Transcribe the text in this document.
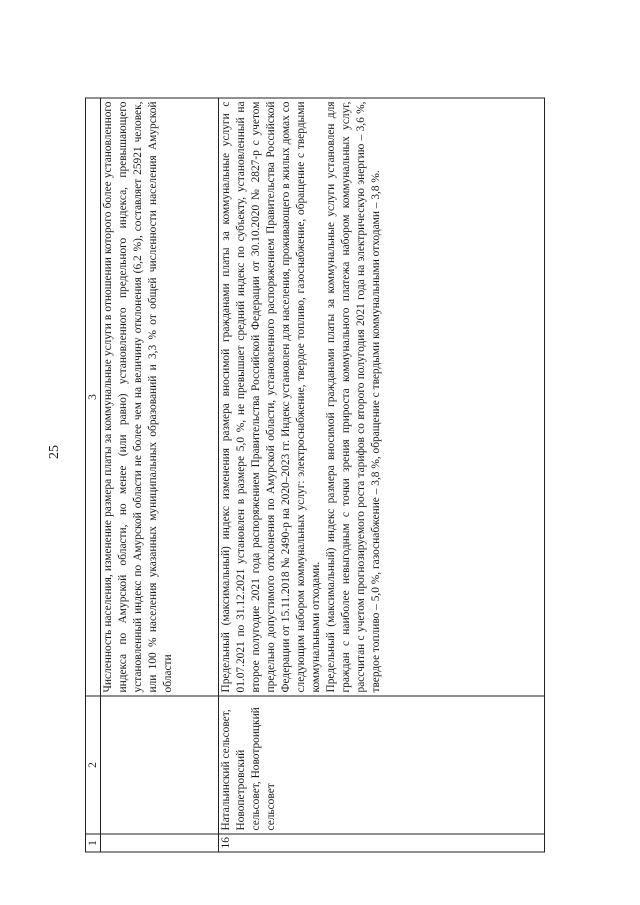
25
1	2	3

		Численность населения, изменение размера платы за коммунальные услуги в отношении которого более установленного индекса по Амурской области, но менее (или равно) установленного предельного индекса, превышающего установленный индекс по Амурской области не более чем на величину отклонения (6,2 %), составляет 25921 человек, или 100 % населения указанных муниципальных образований и 3,3 % от общей численности населения Амурской области

16	Натальинский сельсовет, Новопетровский сельсовет, Новотроицкий сельсовет	Предельный (максимальный) индекс изменения размера вносимой гражданами платы за коммунальные услуги с 01.07.2021 по 31.12.2021 установлен в размере 5,0 %, не превышает средний индекс по субъекту, установленный на второе полугодие 2021 года распоряжением Правительства Российской Федерации от 30.10.2020 № 2827-р с учетом предельно допустимого отклонения по Амурской области, установленного распоряжением Правительства Российской Федерации от 15.11.2018 № 2490-р на 2020–2023 гг. Индекс установлен для населения, проживающего в жилых домах со следующим набором коммунальных услуг: электроснабжение, твердое топливо, газоснабжение, обращение с твердыми коммунальными отходами. Предельный (максимальный) индекс размера вносимой гражданами платы за коммунальные услуги установлен для граждан с наиболее невыгодным с точки зрения прироста коммунального платежа набором коммунальных услуг, рассчитан с учетом прогнозируемого роста тарифов со второго полугодия 2021 года на электрическую энергию – 3,6 %, твердое топливо – 5,0 %, газоснабжение – 3,8 %, обращение с твердыми коммунальными отходами – 3,8 %.
